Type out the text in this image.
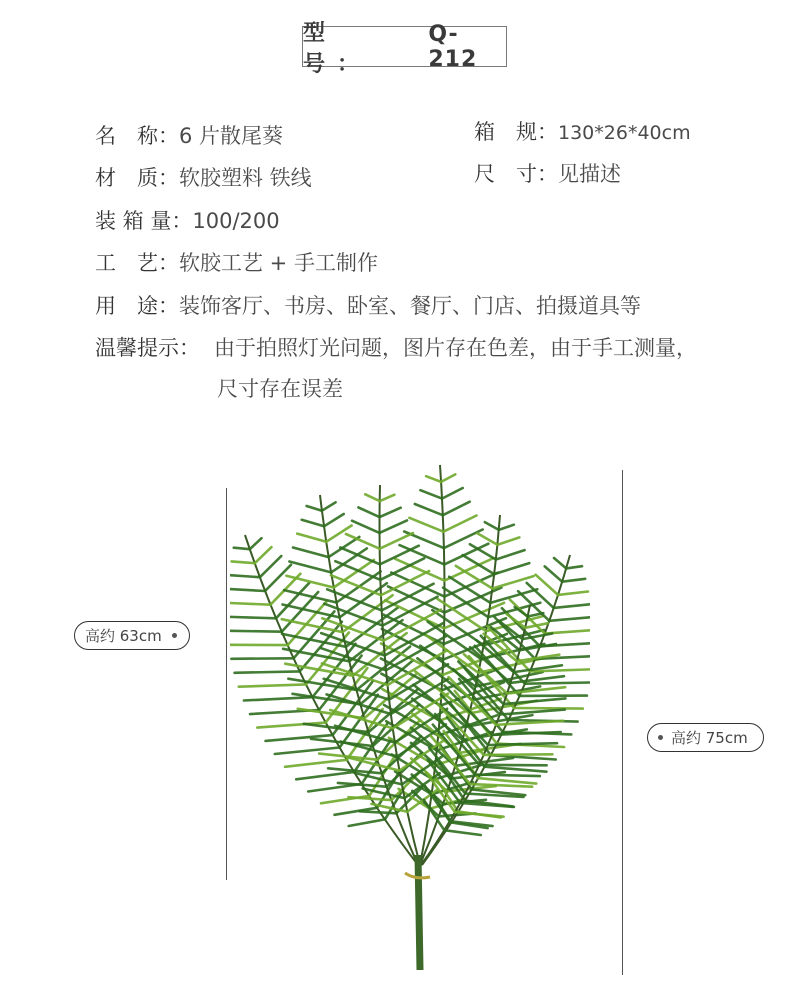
型 号：
Q-212
名　称：6 片散尾葵
材　质：软胶塑料 铁线
装 箱 量：100/200
工　艺：软胶工艺 + 手工制作
用　途：装饰客厅、书房、卧室、餐厅、门店、拍摄道具等
温馨提示： 由于拍照灯光问题，图片存在色差，由于手工测量，
尺寸存在误差
箱　规：130*26*40cm
尺　寸：见描述
高约 63cm
高约 75cm
